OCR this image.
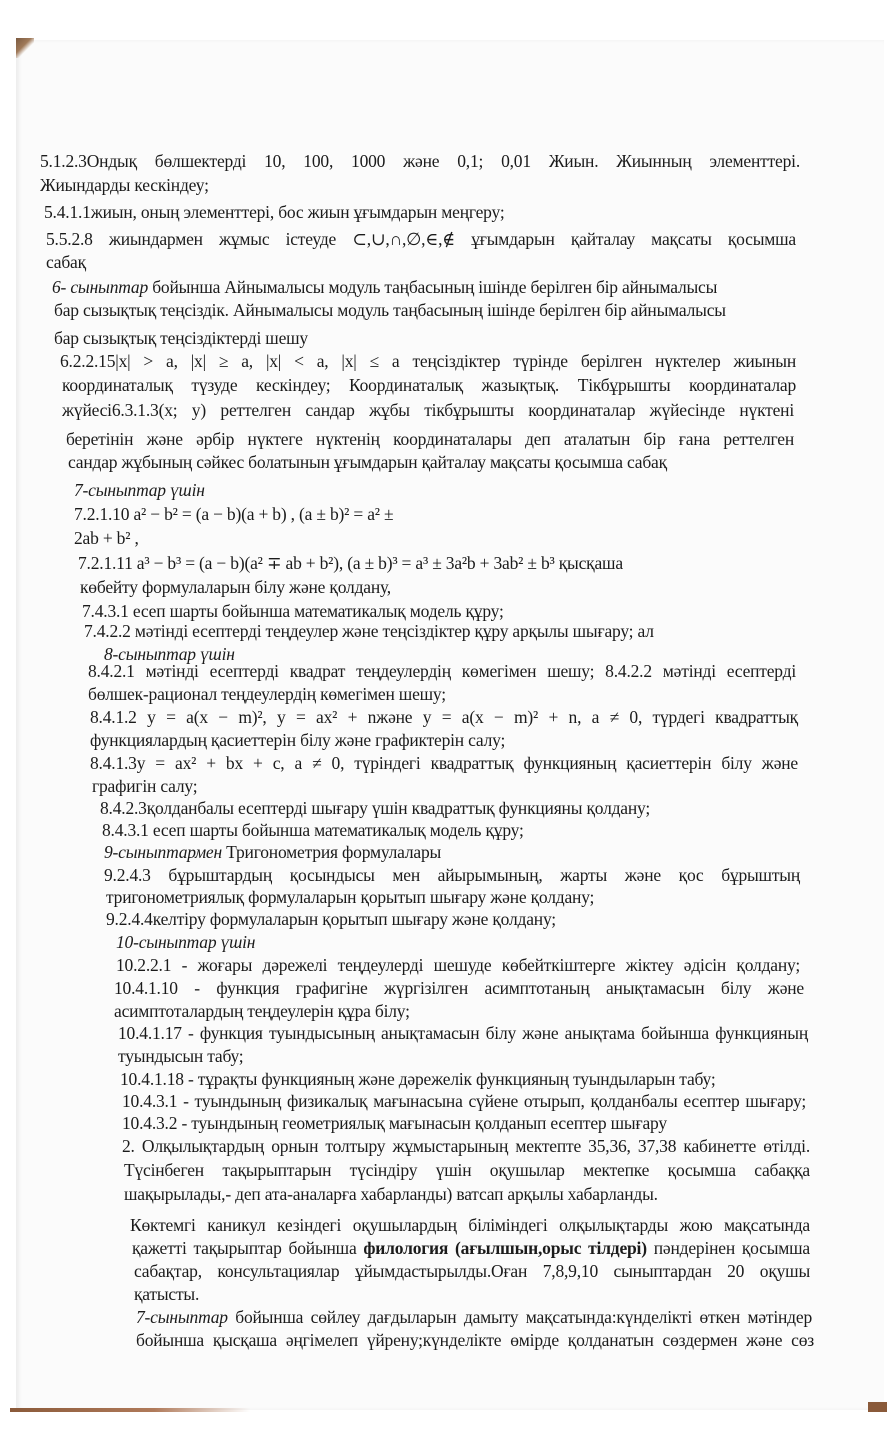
5.1.2.3Ондық бөлшектерді 10, 100, 1000 және 0,1; 0,01 Жиын. Жиынның элементтері.
Жиындарды кескіндеу;
5.4.1.1жиын, оның элементтері, бос жиын ұғымдарын меңгеру;
5.5.2.8 жиындармен жұмыс істеуде ⊂,∪,∩,∅,∈,∉ ұғымдарын қайталау мақсаты қосымша
сабақ
6- сыныптар бойынша Айнымалысы модуль таңбасының ішінде берілген бір айнымалысы
бар сызықтық теңсіздік. Айнымалысы модуль таңбасының ішінде берілген бір айнымалысы
бар сызықтық теңсіздіктерді шешу
6.2.2.15|x| > a, |x| ≥ a, |x| < a, |x| ≤ a теңсіздіктер түрінде берілген нүктелер жиынын
координаталық түзуде кескіндеу; Координаталық жазықтық. Тікбұрышты координаталар
жүйесі6.3.1.3(x; y) реттелген сандар жұбы тікбұрышты координаталар жүйесінде нүктені
беретінін және әрбір нүктеге нүктенің координаталары деп аталатын бір ғана реттелген
сандар жұбының сәйкес болатынын ұғымдарын қайталау мақсаты қосымша сабақ
7-сыныптар үшін
7.2.1.10 a² − b² = (a − b)(a + b) , (a ± b)² = a² ±
2ab + b² ,
7.2.1.11 a³ − b³ = (a − b)(a² ∓ ab + b²), (a ± b)³ = a³ ± 3a²b + 3ab² ± b³ қысқаша
көбейту формулаларын білу және қолдану,
7.4.3.1 есеп шарты бойынша математикалық модель құру;
7.4.2.2 мәтінді есептерді теңдеулер және теңсіздіктер құру арқылы шығару; ал
8-сыныптар үшін
8.4.2.1 мәтінді есептерді квадрат теңдеулердің көмегімен шешу; 8.4.2.2 мәтінді есептерді
бөлшек-рационал теңдеулердің көмегімен шешу;
8.4.1.2 y = a(x − m)², y = ax² + nжәне y = a(x − m)² + n, a ≠ 0, түрдегі квадраттық
функциялардың қасиеттерін білу және графиктерін салу;
8.4.1.3y = ax² + bx + c, a ≠ 0, түріндегі квадраттық функцияның қасиеттерін білу және
графигін салу;
8.4.2.3қолданбалы есептерді шығару үшін квадраттық функцияны қолдану;
8.4.3.1 есеп шарты бойынша математикалық модель құру;
9-сыныптармен Тригонометрия формулалары
9.2.4.3 бұрыштардың қосындысы мен айырымының, жарты және қос бұрыштың
тригонометриялық формулаларын қорытып шығару және қолдану;
9.2.4.4келтіру формулаларын қорытып шығару және қолдану;
10-сыныптар үшін
10.2.2.1 - жоғары дәрежелі теңдеулерді шешуде көбейткіштерге жіктеу әдісін қолдану;
10.4.1.10 - функция графигіне жүргізілген асимптотаның анықтамасын білу және
асимптоталардың теңдеулерін құра білу;
10.4.1.17 - функция туындысының анықтамасын білу және анықтама бойынша функцияның
туындысын табу;
10.4.1.18 - тұрақты функцияның және дәрежелік функцияның туындыларын табу;
10.4.3.1 - туындының физикалық мағынасына сүйене отырып, қолданбалы есептер шығару;
10.4.3.2 - туындының геометриялық мағынасын қолданып есептер шығару
2. Олқылықтардың орнын толтыру жұмыстарының мектепте 35,36, 37,38 кабинетте өтілді.
Түсінбеген тақырыптарын түсіндіру үшін оқушылар мектепке қосымша сабаққа
шақырылады,- деп ата-аналарға хабарланды) ватсап арқылы хабарланды.
Көктемгі каникул кезіндегі оқушылардың біліміндегі олқылықтарды жою мақсатында
қажетті тақырыптар бойынша филология (ағылшын,орыс тілдері) пәндерінен қосымша
сабақтар, консультациялар ұйымдастырылды.Оған 7,8,9,10 сыныптардан 20 оқушы
қатысты.
7-сыныптар бойынша сөйлеу дағдыларын дамыту мақсатында:күнделікті өткен мәтіндер
бойынша қысқаша әңгімелеп үйрену;күнделікте өмірде қолданатын сөздермен және сөз
